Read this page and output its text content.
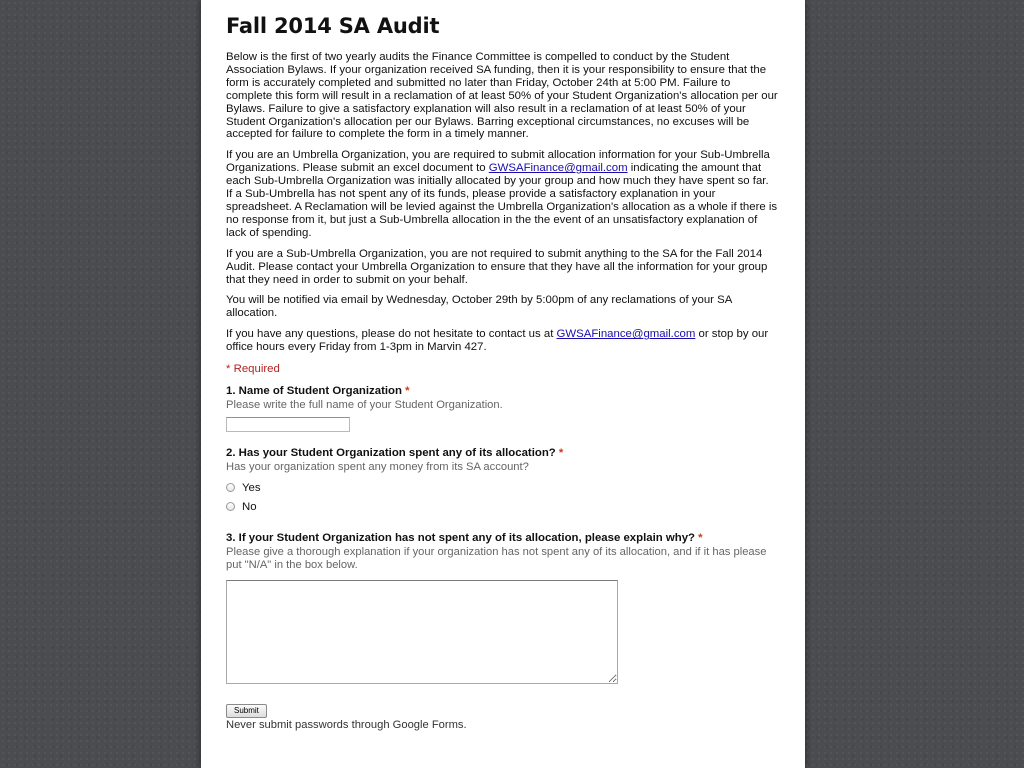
Fall 2014 SA Audit

Below is the first of two yearly audits the Finance Committee is compelled to conduct by the Student Association Bylaws. If your organization received SA funding, then it is your responsibility to ensure that the form is accurately completed and submitted no later than Friday, October 24th at 5:00 PM. Failure to complete this form will result in a reclamation of at least 50% of your Student Organization's allocation per our Bylaws. Failure to give a satisfactory explanation will also result in a reclamation of at least 50% of your Student Organization's allocation per our Bylaws. Barring exceptional circumstances, no excuses will be accepted for failure to complete the form in a timely manner.

If you are an Umbrella Organization, you are required to submit allocation information for your Sub-Umbrella Organizations. Please submit an excel document to GWSAFinance@gmail.com indicating the amount that each Sub-Umbrella Organization was initially allocated by your group and how much they have spent so far. If a Sub-Umbrella has not spent any of its funds, please provide a satisfactory explanation in your spreadsheet. A Reclamation will be levied against the Umbrella Organization's allocation as a whole if there is no response from it, but just a Sub-Umbrella allocation in the the event of an unsatisfactory explanation of lack of spending.

If you are a Sub-Umbrella Organization, you are not required to submit anything to the SA for the Fall 2014 Audit. Please contact your Umbrella Organization to ensure that they have all the information for your group that they need in order to submit on your behalf.

You will be notified via email by Wednesday, October 29th by 5:00pm of any reclamations of your SA allocation.

If you have any questions, please do not hesitate to contact us at GWSAFinance@gmail.com or stop by our office hours every Friday from 1-3pm in Marvin 427.

* Required
1. Name of Student Organization *
Please write the full name of your Student Organization.
2. Has your Student Organization spent any of its allocation? *
Has your organization spent any money from its SA account?
Yes
No
3. If your Student Organization has not spent any of its allocation, please explain why? *
Please give a thorough explanation if your organization has not spent any of its allocation, and if it has please put "N/A" in the box below.
Submit
Never submit passwords through Google Forms.
